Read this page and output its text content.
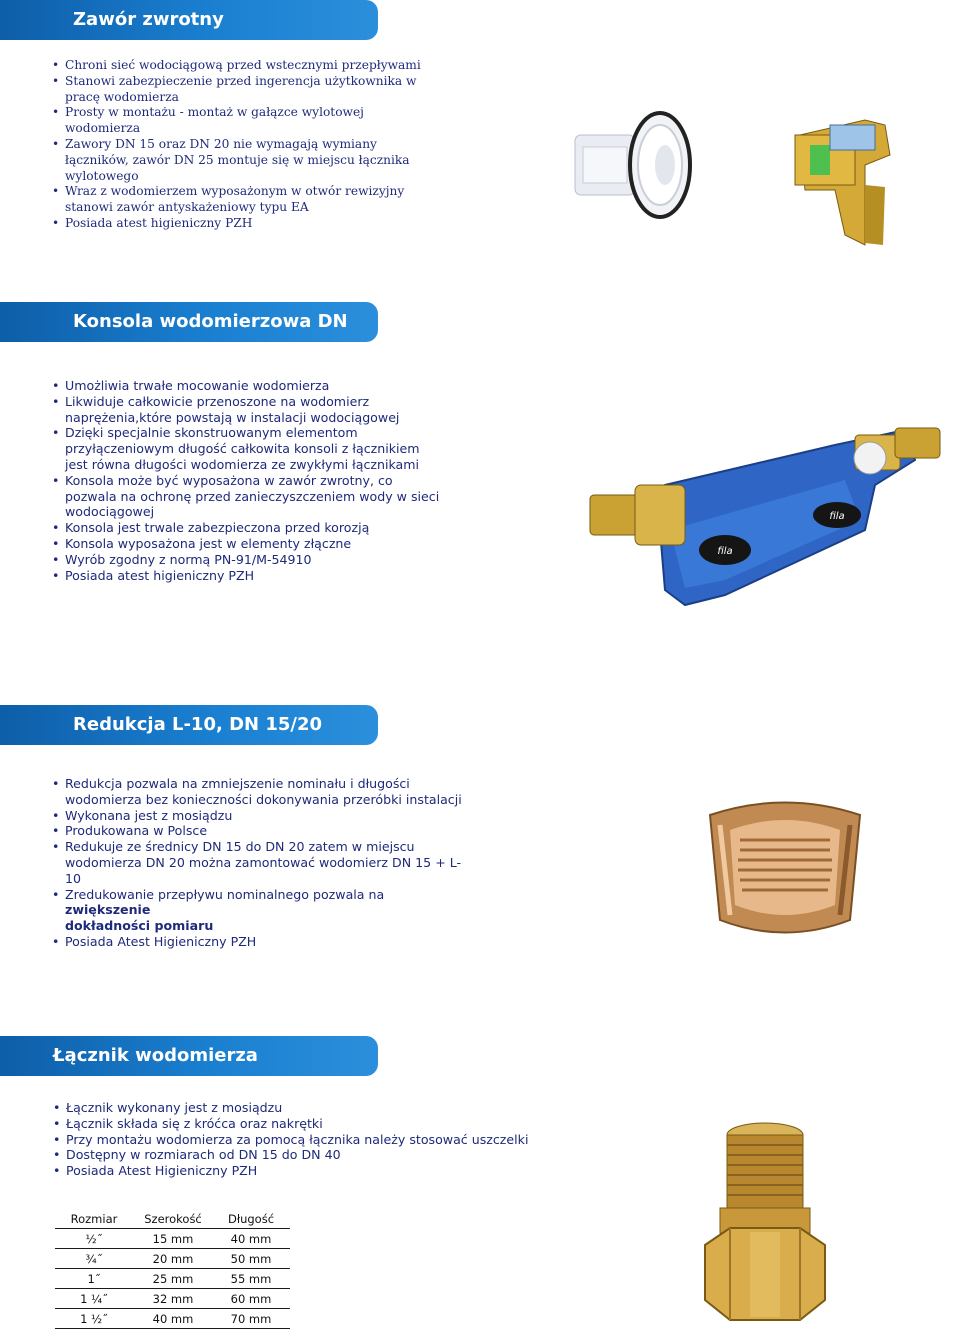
Zawór zwrotny
• Chroni sieć wodociągową przed wstecznymi przepływami
• Stanowi zabezpieczenie przed ingerencja użytkownika w
pracę wodomierza
• Prosty w montażu - montaż w gałązce wylotowej
wodomierza
• Zawory DN 15 oraz DN 20 nie wymagają wymiany
łączników, zawór DN 25 montuje się w miejscu łącznika
wylotowego
• Wraz z wodomierzem wyposażonym w otwór rewizyjny
stanowi zawór antyskażeniowy typu EA
• Posiada atest higieniczny PZH
Konsola wodomierzowa DN 20
• Umożliwia trwałe mocowanie wodomierza
• Likwiduje całkowicie przenoszone na wodomierz
naprężenia,które powstają w instalacji wodociągowej
• Dzięki specjalnie skonstruowanym elementom
przyłączeniowym długość całkowita konsoli z łącznikiem
jest równa długości wodomierza ze zwykłymi łącznikami
• Konsola może być wyposażona w zawór zwrotny, co
pozwala na ochronę przed zanieczyszczeniem wody w sieci
wodociągowej
• Konsola jest trwale zabezpieczona przed korozją
• Konsola wyposażona jest w elementy złączne
• Wyrób zgodny z normą PN-91/M-54910
• Posiada atest higieniczny PZH
fila
fila
Redukcja L-10, DN 15/20
• Redukcja pozwala na zmniejszenie nominału i długości
wodomierza bez konieczności dokonywania przeróbki instalacji
• Wykonana jest z mosiądzu
• Produkowana w Polsce
• Redukuje ze średnicy DN 15 do DN 20 zatem w miejscu
wodomierza DN 20 można zamontować wodomierz DN 15 + L-10
• Zredukowanie przepływu nominalnego pozwala na zwiększenie
dokładności pomiaru
• Posiada Atest Higieniczny PZH
Łącznik wodomierza
• Łącznik wykonany jest z mosiądzu
• Łącznik składa się z króćca oraz nakrętki
• Przy montażu wodomierza za pomocą łącznika należy stosować uszczelki
• Dostępny w rozmiarach od DN 15 do DN 40
• Posiada Atest Higieniczny PZH
Rozmiar	Szerokość	Długość
½˝	15 mm	40 mm
¾˝	20 mm	50 mm
1˝	25 mm	55 mm
1 ¼˝	32 mm	60 mm
1 ½˝	40 mm	70 mm
